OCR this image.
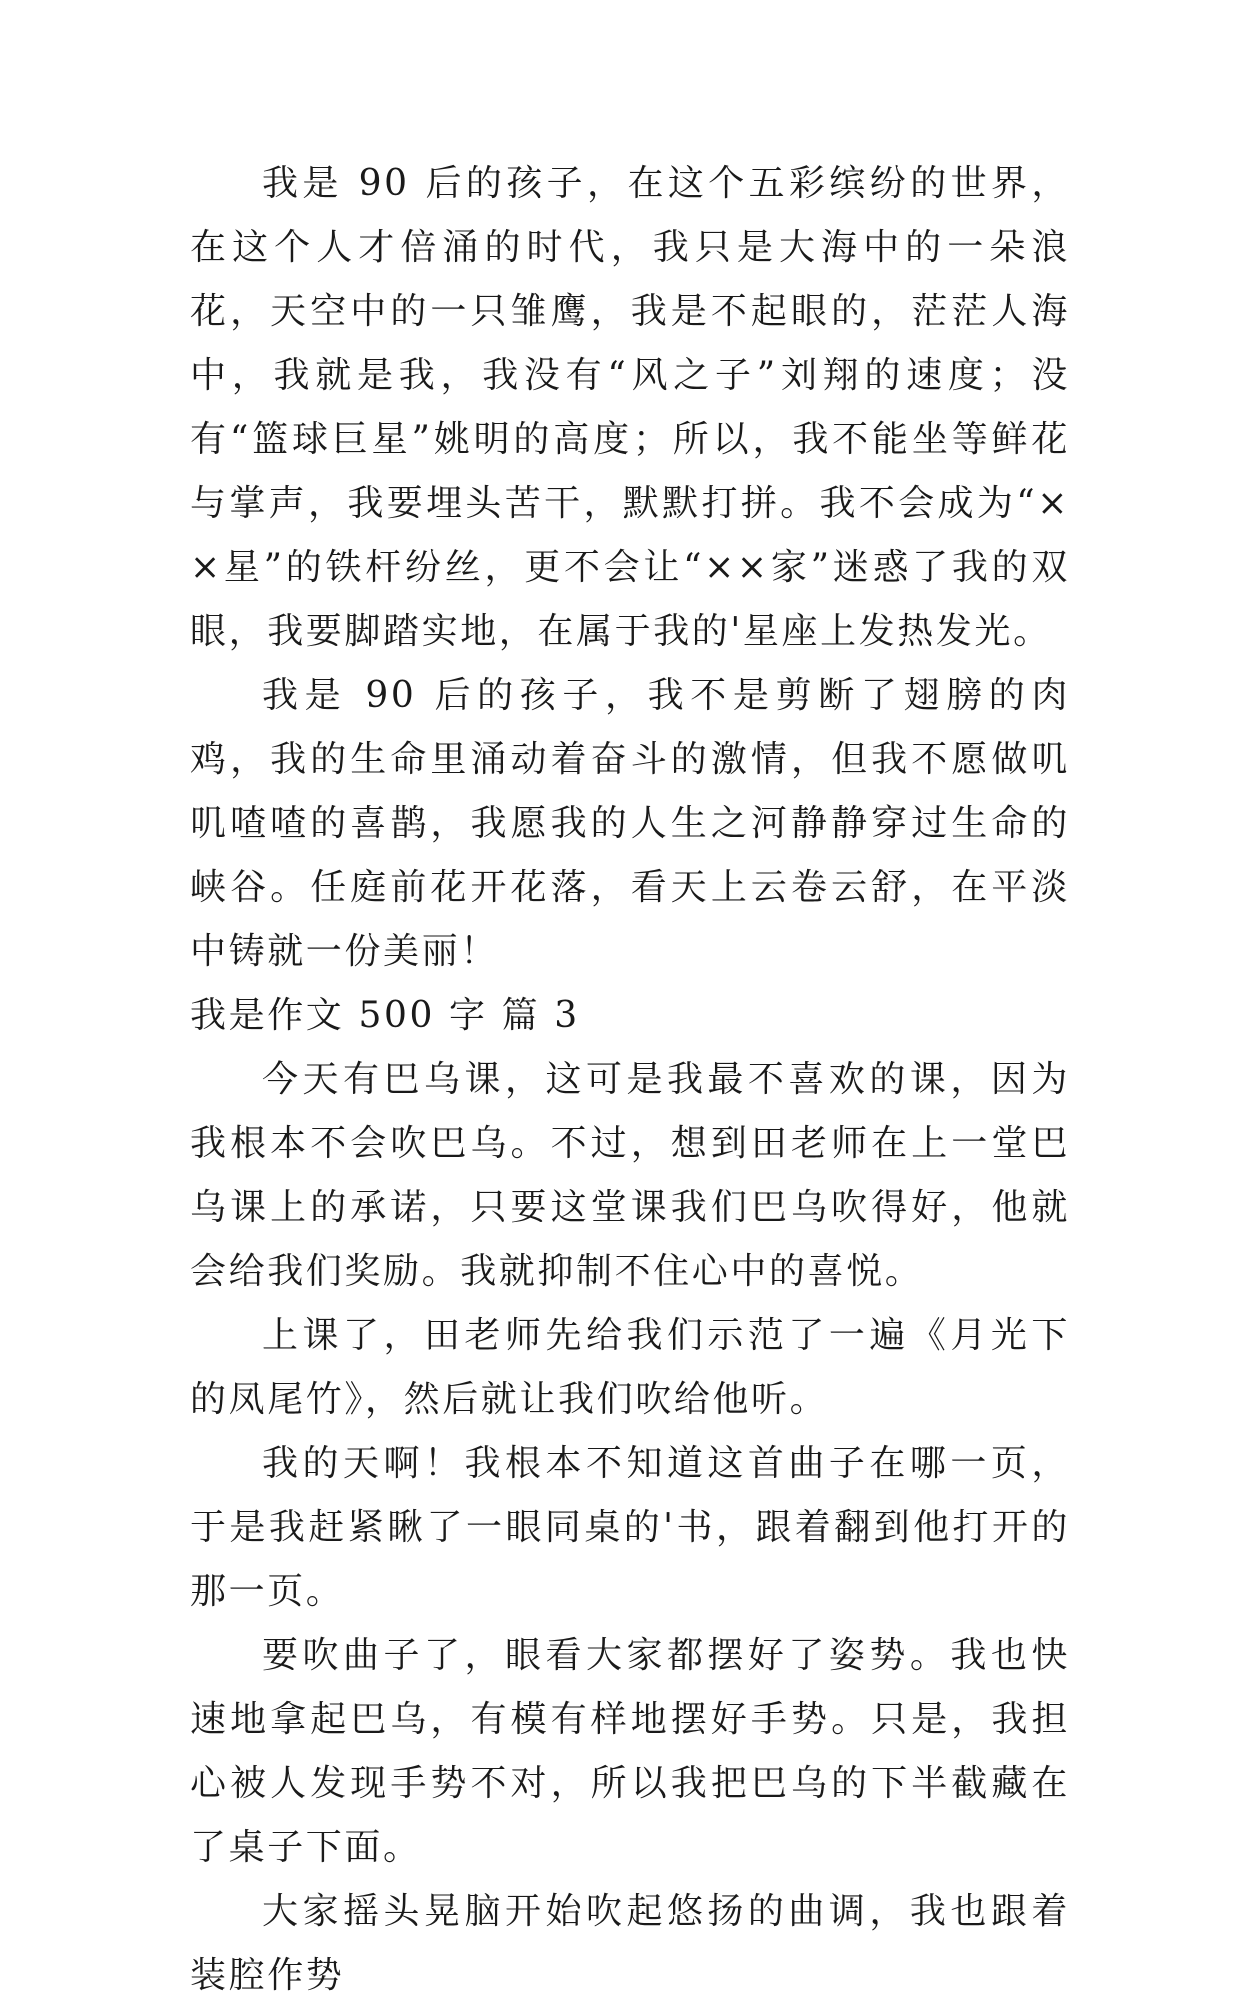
我是 90 后的孩子，在这个五彩缤纷的世界，在这个人才倍涌的时代，我只是大海中的一朵浪花，天空中的一只雏鹰，我是不起眼的，茫茫人海中，我就是我，我没有“风之子”刘翔的速度；没有“篮球巨星”姚明的高度；所以，我不能坐等鲜花与掌声，我要埋头苦干，默默打拼。我不会成为“××星”的铁杆纷丝，更不会让“××家”迷惑了我的双眼，我要脚踏实地，在属于我的'星座上发热发光。

我是 90 后的孩子，我不是剪断了翅膀的肉鸡，我的生命里涌动着奋斗的激情，但我不愿做叽叽喳喳的喜鹊，我愿我的人生之河静静穿过生命的峡谷。任庭前花开花落，看天上云卷云舒，在平淡中铸就一份美丽！

我是作文 500 字 篇 3

今天有巴乌课，这可是我最不喜欢的课，因为我根本不会吹巴乌。不过，想到田老师在上一堂巴乌课上的承诺，只要这堂课我们巴乌吹得好，他就会给我们奖励。我就抑制不住心中的喜悦。

上课了，田老师先给我们示范了一遍《月光下的凤尾竹》，然后就让我们吹给他听。

我的天啊！我根本不知道这首曲子在哪一页，于是我赶紧瞅了一眼同桌的'书，跟着翻到他打开的那一页。

要吹曲子了，眼看大家都摆好了姿势。我也快速地拿起巴乌，有模有样地摆好手势。只是，我担心被人发现手势不对，所以我把巴乌的下半截藏在了桌子下面。

大家摇头晃脑开始吹起悠扬的曲调，我也跟着装腔作势
